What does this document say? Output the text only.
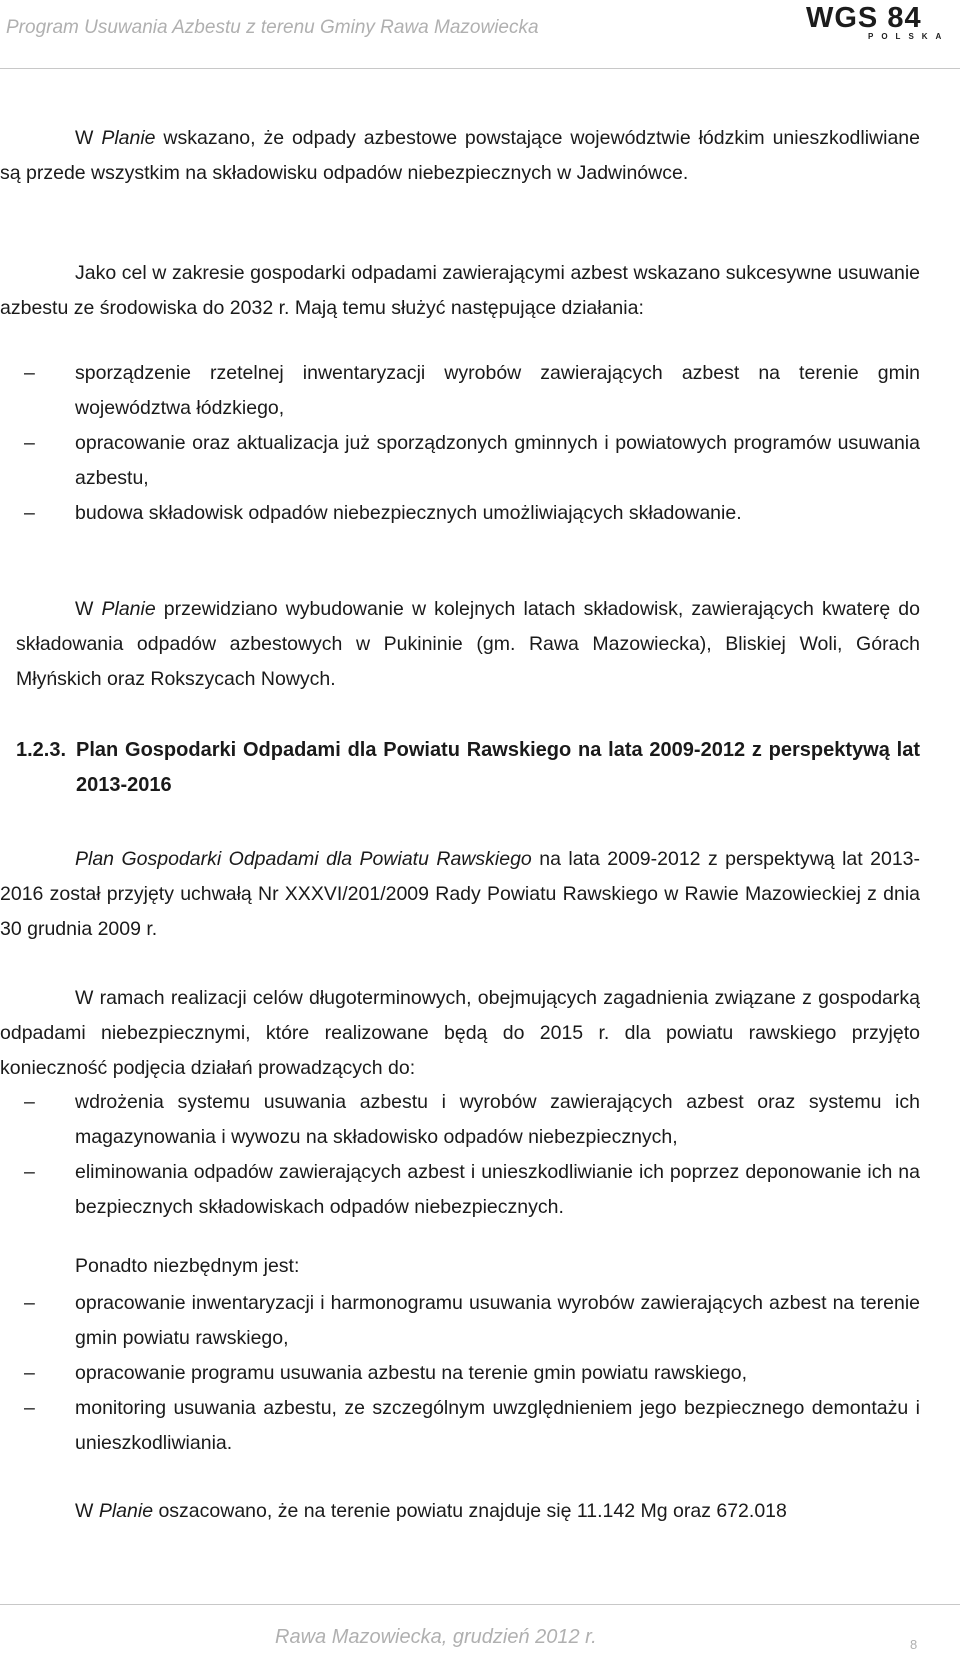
Program Usuwania Azbestu z terenu Gminy Rawa Mazowiecka	WGS 84
POLSKA
W Planie wskazano, że odpady azbestowe powstające województwie łódzkim unieszkodliwiane są przede wszystkim na składowisku odpadów niebezpiecznych w Jadwinówce.
Jako cel w zakresie gospodarki odpadami zawierającymi azbest wskazano sukcesywne usuwanie azbestu ze środowiska do 2032 r. Mają temu służyć następujące działania:
– sporządzenie rzetelnej inwentaryzacji wyrobów zawierających azbest na terenie gmin województwa łódzkiego,
– opracowanie oraz aktualizacja już sporządzonych gminnych i powiatowych programów usuwania azbestu,
– budowa składowisk odpadów niebezpiecznych umożliwiających składowanie.
W Planie przewidziano wybudowanie w kolejnych latach składowisk, zawierających kwaterę do składowania odpadów azbestowych w Pukininie (gm. Rawa Mazowiecka), Bliskiej Woli, Górach Młyńskich oraz Rokszycach Nowych.
1.2.3. Plan Gospodarki Odpadami dla Powiatu Rawskiego na lata 2009-2012 z perspektywą lat 2013-2016
Plan Gospodarki Odpadami dla Powiatu Rawskiego na lata 2009-2012 z perspektywą lat 2013-2016 został przyjęty uchwałą Nr XXXVI/201/2009 Rady Powiatu Rawskiego w Rawie Mazowieckiej z dnia 30 grudnia 2009 r.
W ramach realizacji celów długoterminowych, obejmujących zagadnienia związane z gospodarką odpadami niebezpiecznymi, które realizowane będą do 2015 r. dla powiatu rawskiego przyjęto konieczność podjęcia działań prowadzących do:
– wdrożenia systemu usuwania azbestu i wyrobów zawierających azbest oraz systemu ich magazynowania i wywozu na składowisko odpadów niebezpiecznych,
– eliminowania odpadów zawierających azbest i unieszkodliwianie ich poprzez deponowanie ich na bezpiecznych składowiskach odpadów niebezpiecznych.
Ponadto niezbędnym jest:
– opracowanie inwentaryzacji i harmonogramu usuwania wyrobów zawierających azbest na terenie gmin powiatu rawskiego,
– opracowanie programu usuwania azbestu na terenie gmin powiatu rawskiego,
– monitoring usuwania azbestu, ze szczególnym uwzględnieniem jego bezpiecznego demontażu i unieszkodliwiania.
W Planie oszacowano, że na terenie powiatu znajduje się 11.142 Mg oraz 672.018
Rawa Mazowiecka, grudzień 2012 r.	8
